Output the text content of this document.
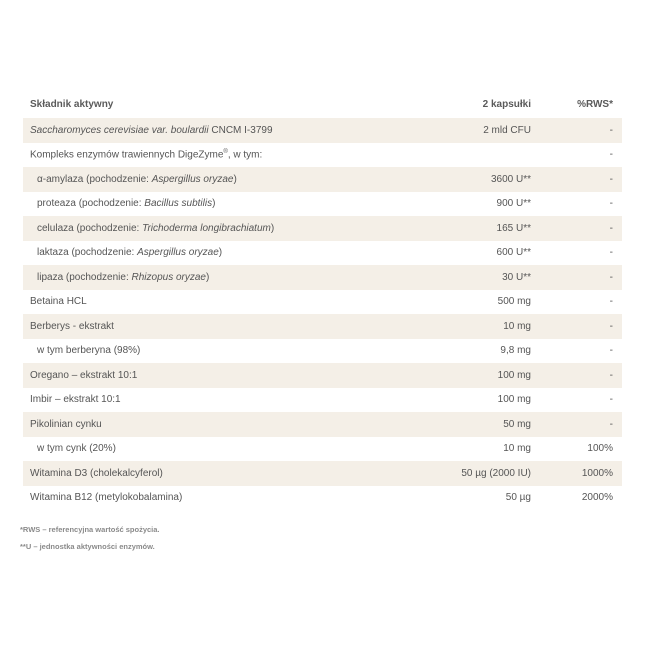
Składnik aktywny	2 kapsułki	%RWS*
Saccharomyces cerevisiae var. boulardii CNCM I-3799	2 mld CFU	-
Kompleks enzymów trawiennych DigeZyme®, w tym:		-
α-amylaza (pochodzenie: Aspergillus oryzae)	3600 U**	-
proteaza (pochodzenie: Bacillus subtilis)	900 U**	-
celulaza (pochodzenie: Trichoderma longibrachiatum)	165 U**	-
laktaza (pochodzenie: Aspergillus oryzae)	600 U**	-
lipaza (pochodzenie: Rhizopus oryzae)	30 U**	-
Betaina HCL	500 mg	-
Berberys - ekstrakt	10 mg	-
w tym berberyna (98%)	9,8 mg	-
Oregano – ekstrakt 10:1	100 mg	-
Imbir – ekstrakt 10:1	100 mg	-
Pikolinian cynku	50 mg	-
w tym cynk (20%)	10 mg	100%
Witamina D3 (cholekalcyferol)	50 µg (2000 IU)	1000%
Witamina B12 (metylokobalamina)	50 µg	2000%
*RWS – referencyjna wartość spożycia.
**U – jednostka aktywności enzymów.
